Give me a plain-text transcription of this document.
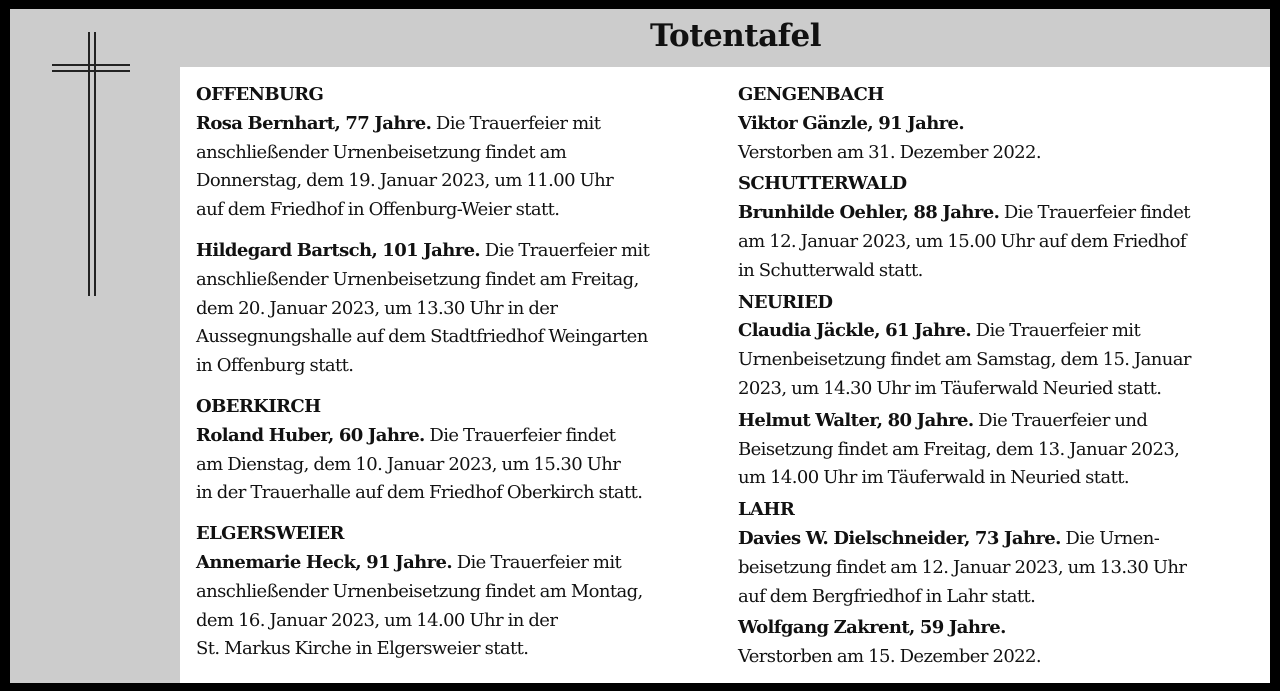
Totentafel
OFFENBURG
Rosa Bernhart, 77 Jahre. Die Trauerfeier mit
anschließender Urnenbeisetzung findet am
Donnerstag, dem 19. Januar 2023, um 11.00 Uhr
auf dem Friedhof in Offenburg-Weier statt.
Hildegard Bartsch, 101 Jahre. Die Trauerfeier mit
anschließender Urnenbeisetzung findet am Freitag,
dem 20. Januar 2023, um 13.30 Uhr in der
Aussegnungshalle auf dem Stadtfriedhof Weingarten
in Offenburg statt.
OBERKIRCH
Roland Huber, 60 Jahre. Die Trauerfeier findet
am Dienstag, dem 10. Januar 2023, um 15.30 Uhr
in der Trauerhalle auf dem Friedhof Oberkirch statt.
ELGERSWEIER
Annemarie Heck, 91 Jahre. Die Trauerfeier mit
anschließender Urnenbeisetzung findet am Montag,
dem 16. Januar 2023, um 14.00 Uhr in der
St. Markus Kirche in Elgersweier statt.
GENGENBACH
Viktor Gänzle, 91 Jahre.
Verstorben am 31. Dezember 2022.
SCHUTTERWALD
Brunhilde Oehler, 88 Jahre. Die Trauerfeier findet
am 12. Januar 2023, um 15.00 Uhr auf dem Friedhof
in Schutterwald statt.
NEURIED
Claudia Jäckle, 61 Jahre. Die Trauerfeier mit
Urnenbeisetzung findet am Samstag, dem 15. Januar
2023, um 14.30 Uhr im Täuferwald Neuried statt.
Helmut Walter, 80 Jahre. Die Trauerfeier und
Beisetzung findet am Freitag, dem 13. Januar 2023,
um 14.00 Uhr im Täuferwald in Neuried statt.
LAHR
Davies W. Dielschneider, 73 Jahre. Die Urnen-
beisetzung findet am 12. Januar 2023, um 13.30 Uhr
auf dem Bergfriedhof in Lahr statt.
Wolfgang Zakrent, 59 Jahre.
Verstorben am 15. Dezember 2022.
